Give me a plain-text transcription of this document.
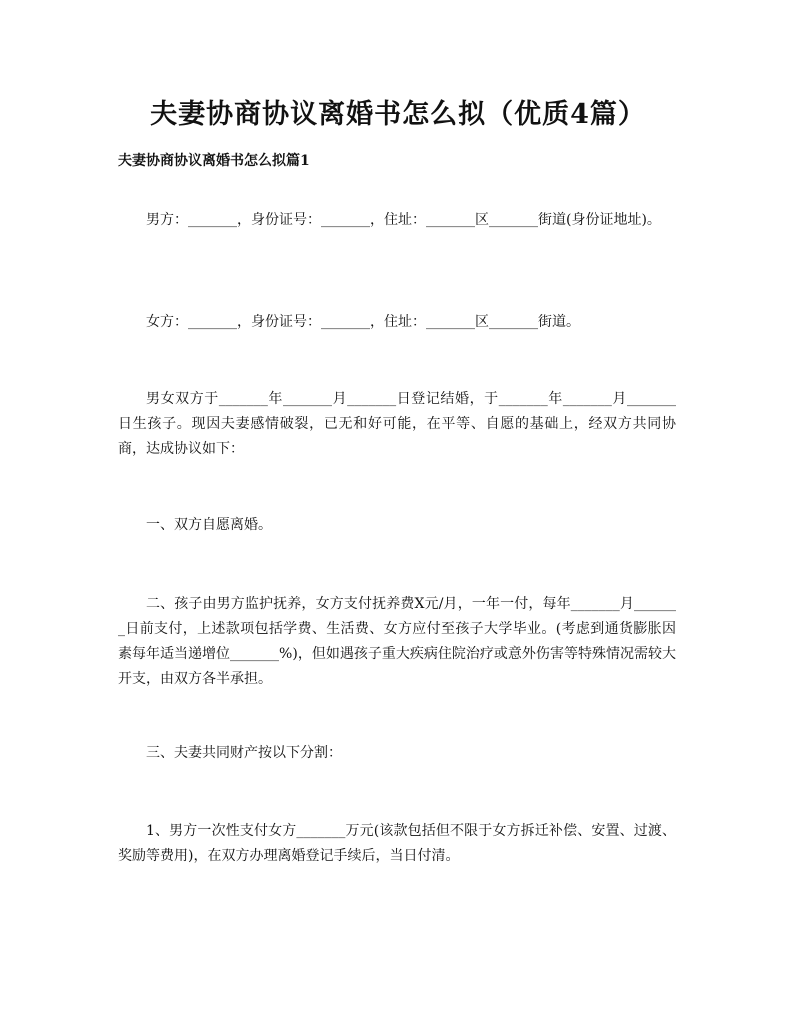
夫妻协商协议离婚书怎么拟（优质4篇）
夫妻协商协议离婚书怎么拟篇1

男方：_______，身份证号：_______，住址：_______区_______街道(身份证地址)。

女方：_______，身份证号：_______，住址：_______区_______街道。

男女双方于_______年_______月_______日登记结婚，于_______年_______月_______日生孩子。现因夫妻感情破裂，已无和好可能，在平等、自愿的基础上，经双方共同协商，达成协议如下：

一、双方自愿离婚。

二、孩子由男方监护抚养，女方支付抚养费X元/月，一年一付，每年_______月_______日前支付，上述款项包括学费、生活费、女方应付至孩子大学毕业。(考虑到通货膨胀因素每年适当递增位_______%)，但如遇孩子重大疾病住院治疗或意外伤害等特殊情况需较大开支，由双方各半承担。

三、夫妻共同财产按以下分割：

1、男方一次性支付女方_______万元(该款包括但不限于女方拆迁补偿、安置、过渡、奖励等费用)，在双方办理离婚登记手续后，当日付清。
